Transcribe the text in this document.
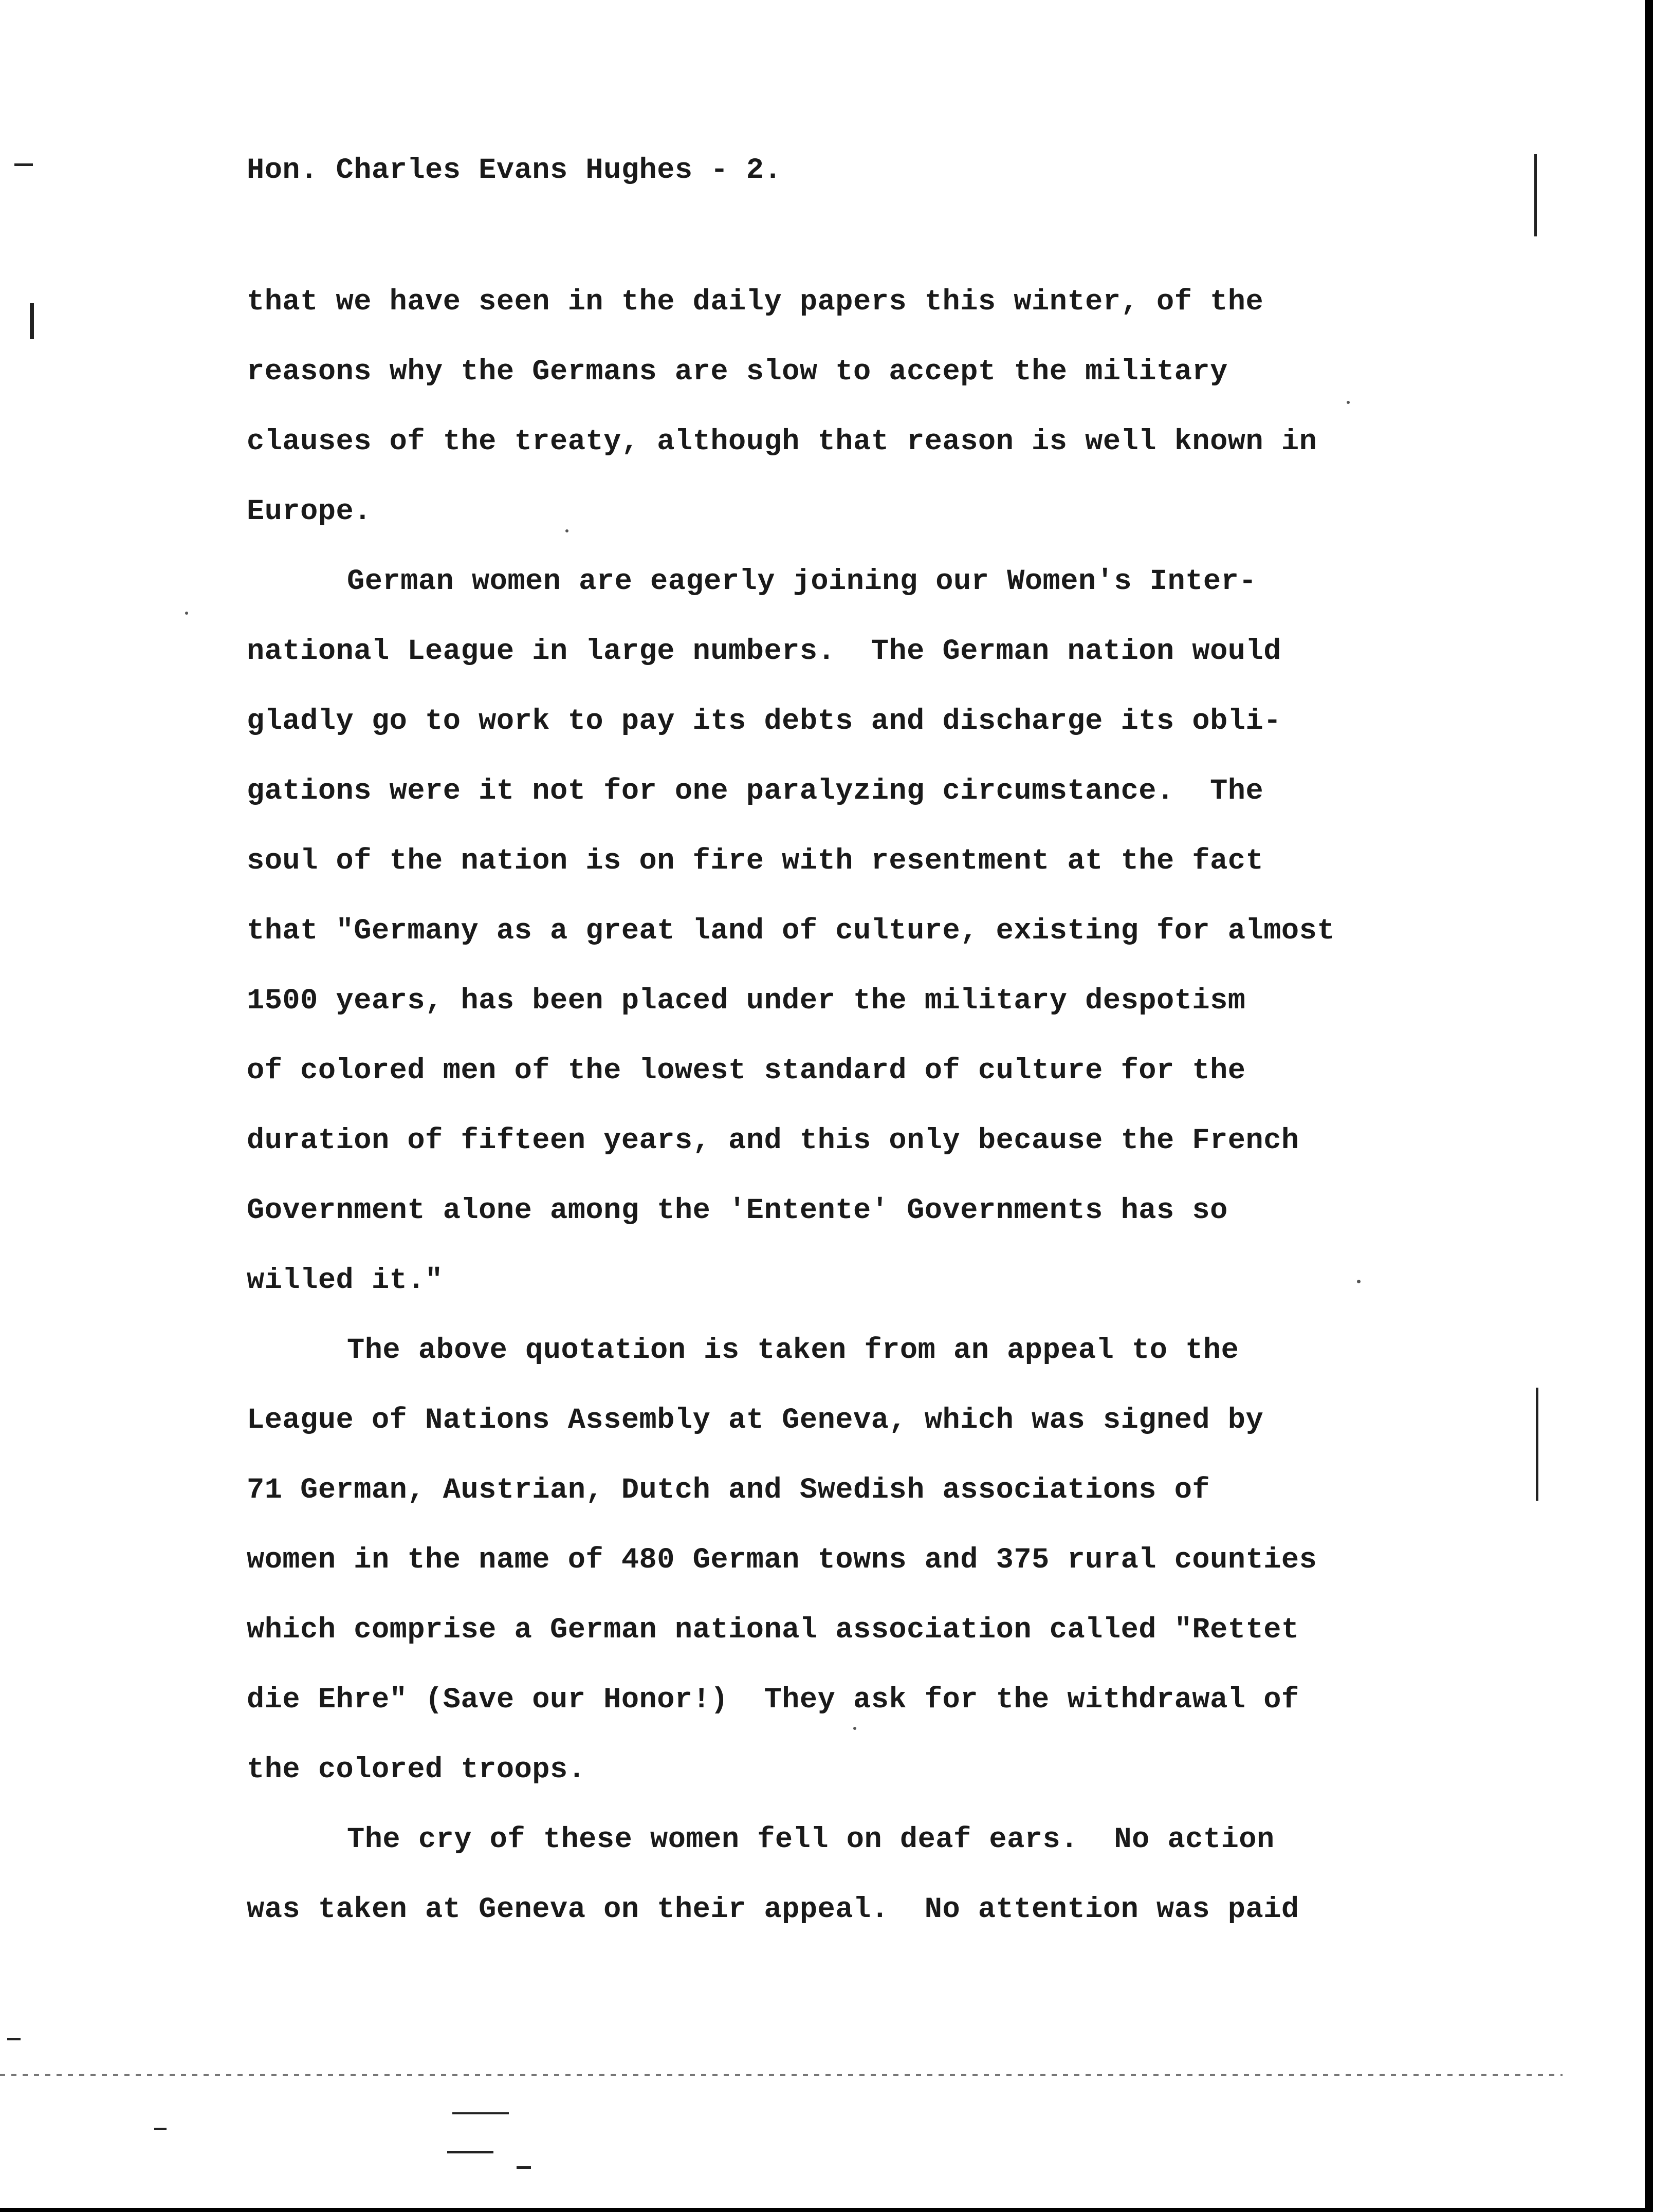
Hon. Charles Evans Hughes - 2.
that we have seen in the daily papers this winter, of the
reasons why the Germans are slow to accept the military
clauses of the treaty, although that reason is well known in
Europe.
German women are eagerly joining our Women's Inter-
national League in large numbers.  The German nation would
gladly go to work to pay its debts and discharge its obli-
gations were it not for one paralyzing circumstance.  The
soul of the nation is on fire with resentment at the fact
that "Germany as a great land of culture, existing for almost
1500 years, has been placed under the military despotism
of colored men of the lowest standard of culture for the
duration of fifteen years, and this only because the French
Government alone among the 'Entente' Governments has so
willed it."
The above quotation is taken from an appeal to the
League of Nations Assembly at Geneva, which was signed by
71 German, Austrian, Dutch and Swedish associations of
women in the name of 480 German towns and 375 rural counties
which comprise a German national association called "Rettet
die Ehre" (Save our Honor!)  They ask for the withdrawal of
the colored troops.
The cry of these women fell on deaf ears.  No action
was taken at Geneva on their appeal.  No attention was paid
